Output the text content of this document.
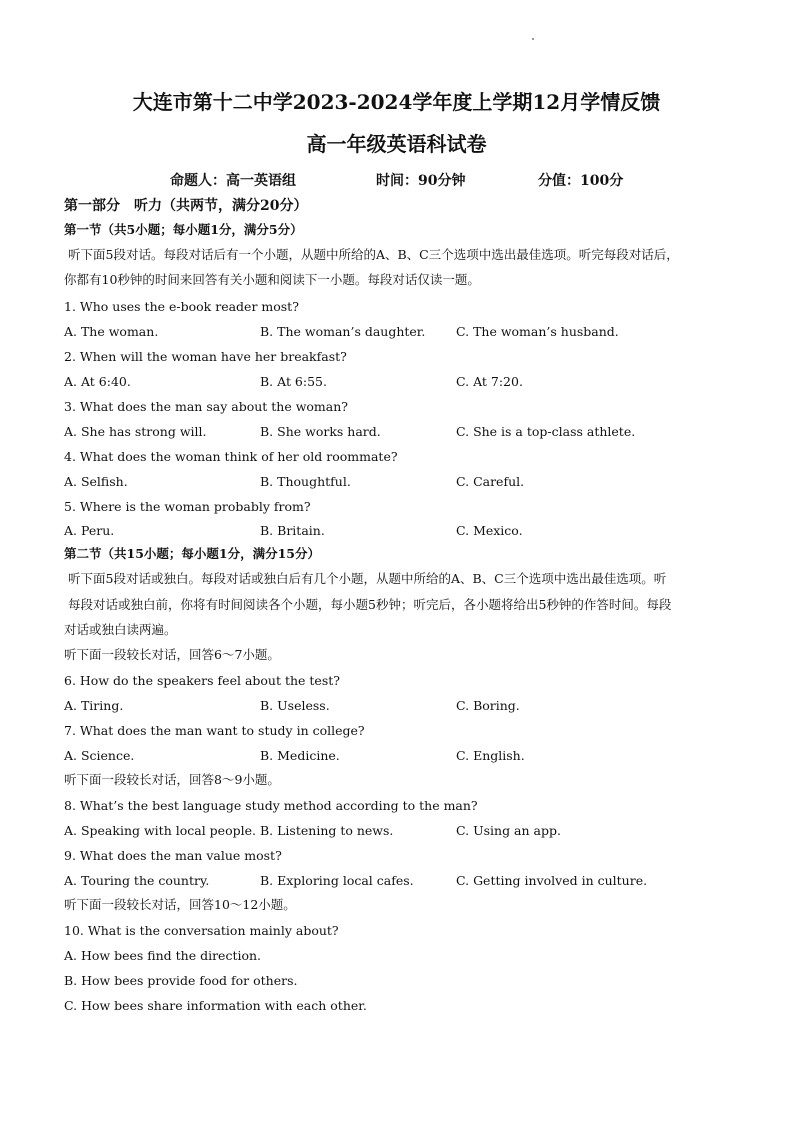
大连市第十二中学2023-2024学年度上学期12月学情反馈
高一年级英语科试卷
命题人：高一英语组	时间：90分钟	分值：100分
第一部分　听力（共两节，满分20分）
第一节（共5小题；每小题1分，满分5分）
听下面5段对话。每段对话后有一个小题，从题中所给的A、B、C三个选项中选出最佳选项。听完每段对话后，
你都有10秒钟的时间来回答有关小题和阅读下一小题。每段对话仅读一题。
1. Who uses the e-book reader most?
A. The woman.	B. The woman’s daughter. C. The woman’s husband.
2. When will the woman have her breakfast?
A. At 6:40.	B. At 6:55.	C. At 7:20.
3. What does the man say about the woman?
A. She has strong will.	B. She works hard.	C. She is a top-class athlete.
4. What does the woman think of her old roommate?
A. Selfish.	B. Thoughtful.	C. Careful.
5. Where is the woman probably from?
A. Peru.	B. Britain.	C. Mexico.
第二节（共15小题；每小题1分，满分15分）
听下面5段对话或独白。每段对话或独白后有几个小题，从题中所给的A、B、C三个选项中选出最佳选项。听
每段对话或独白前，你将有时间阅读各个小题，每小题5秒钟；听完后，各小题将给出5秒钟的作答时间。每段
对话或独白读两遍。
听下面一段较长对话，回答6～7小题。
6. How do the speakers feel about the test?
A. Tiring.	B. Useless.	C. Boring.
7. What does the man want to study in college?
A. Science.	B. Medicine.	C. English.
听下面一段较长对话，回答8～9小题。
8. What’s the best language study method according to the man?
A. Speaking with local people. B. Listening to news.	C. Using an app.
9. What does the man value most?
A. Touring the country.	B. Exploring local cafes.	C. Getting involved in culture.
听下面一段较长对话，回答10～12小题。
10. What is the conversation mainly about?
A. How bees find the direction.
B. How bees provide food for others.
C. How bees share information with each other.
